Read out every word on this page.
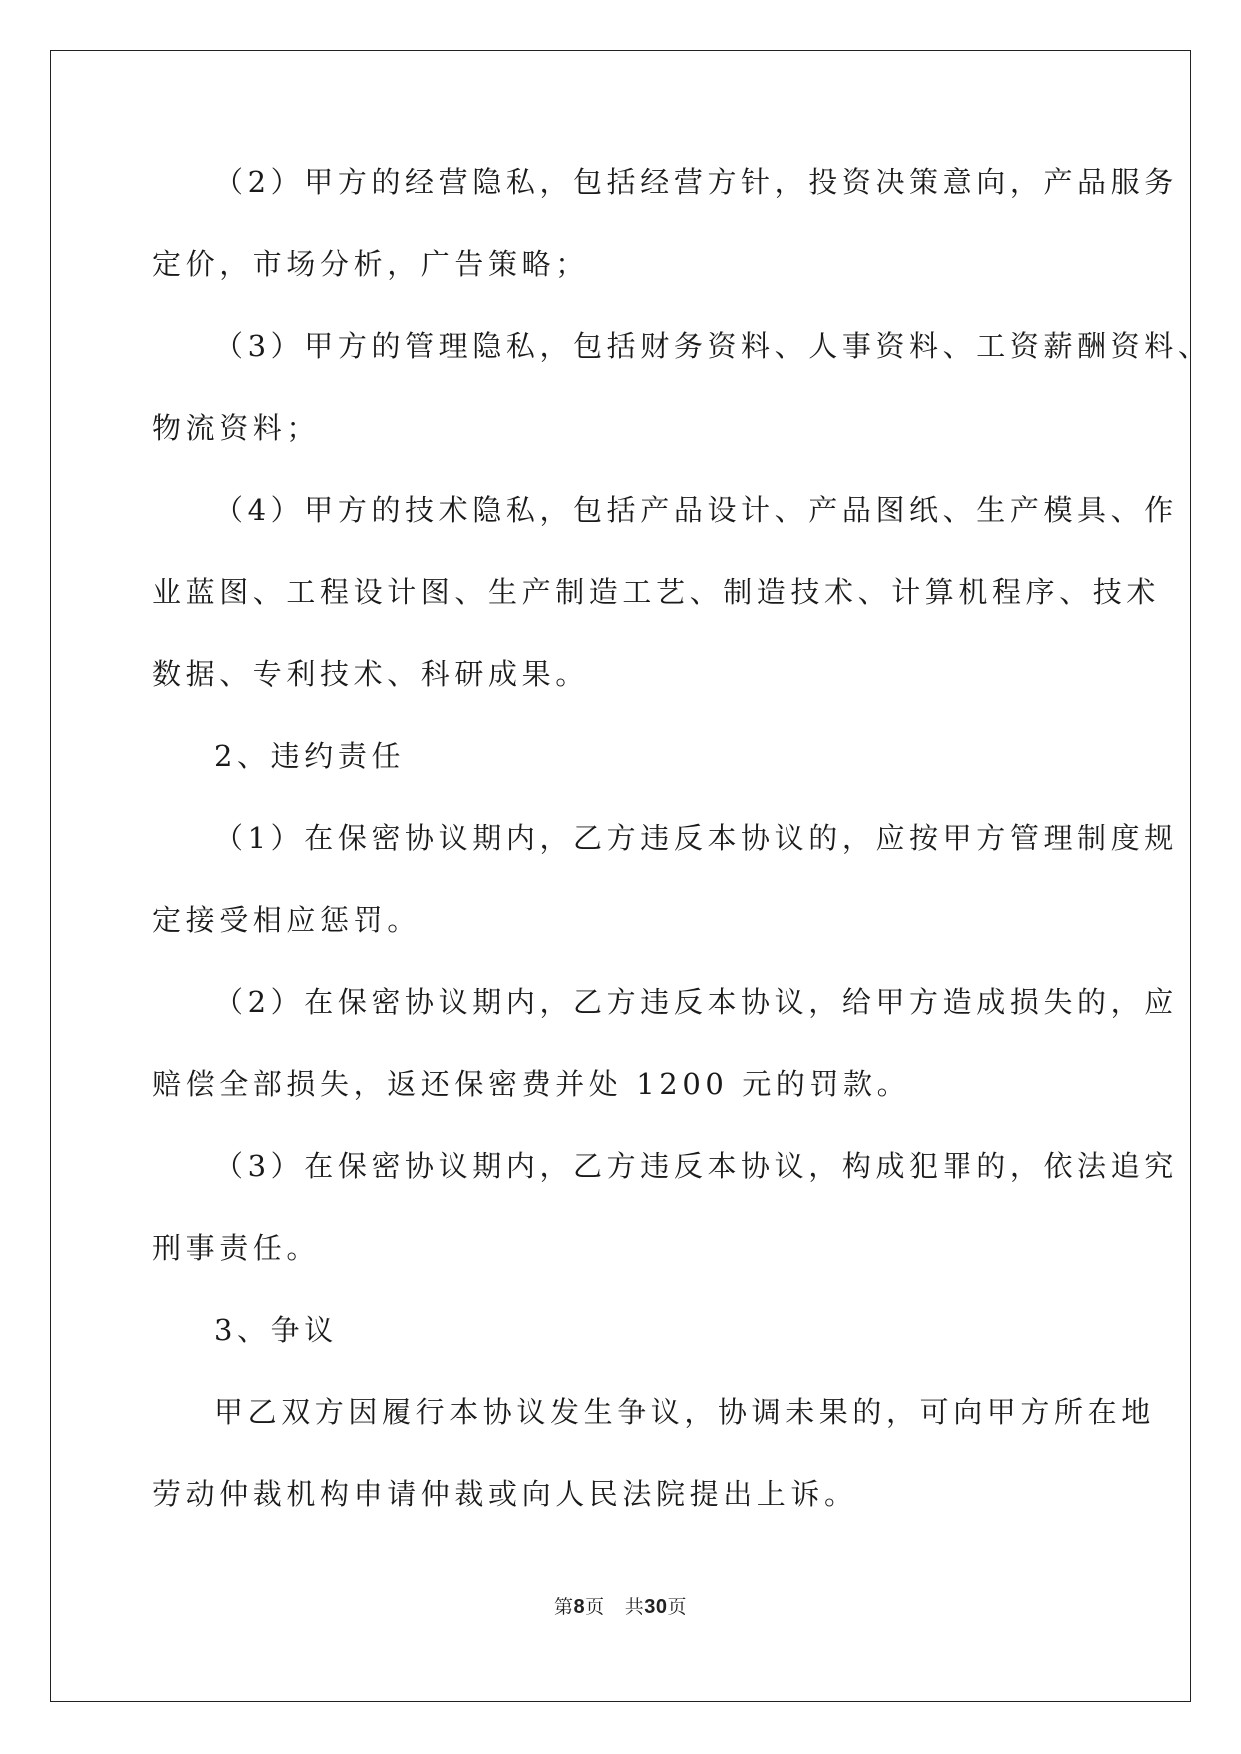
（2）甲方的经营隐私，包括经营方针，投资决策意向，产品服务
定价，市场分析，广告策略；
（3）甲方的管理隐私，包括财务资料、人事资料、工资薪酬资料、
物流资料；
（4）甲方的技术隐私，包括产品设计、产品图纸、生产模具、作
业蓝图、工程设计图、生产制造工艺、制造技术、计算机程序、技术
数据、专利技术、科研成果。
2、违约责任
（1）在保密协议期内，乙方违反本协议的，应按甲方管理制度规
定接受相应惩罚。
（2）在保密协议期内，乙方违反本协议，给甲方造成损失的，应
赔偿全部损失，返还保密费并处 1200 元的罚款。
（3）在保密协议期内，乙方违反本协议，构成犯罪的，依法追究
刑事责任。
3、争议
甲乙双方因履行本协议发生争议，协调未果的，可向甲方所在地
劳动仲裁机构申请仲裁或向人民法院提出上诉。
第8页 共30页
